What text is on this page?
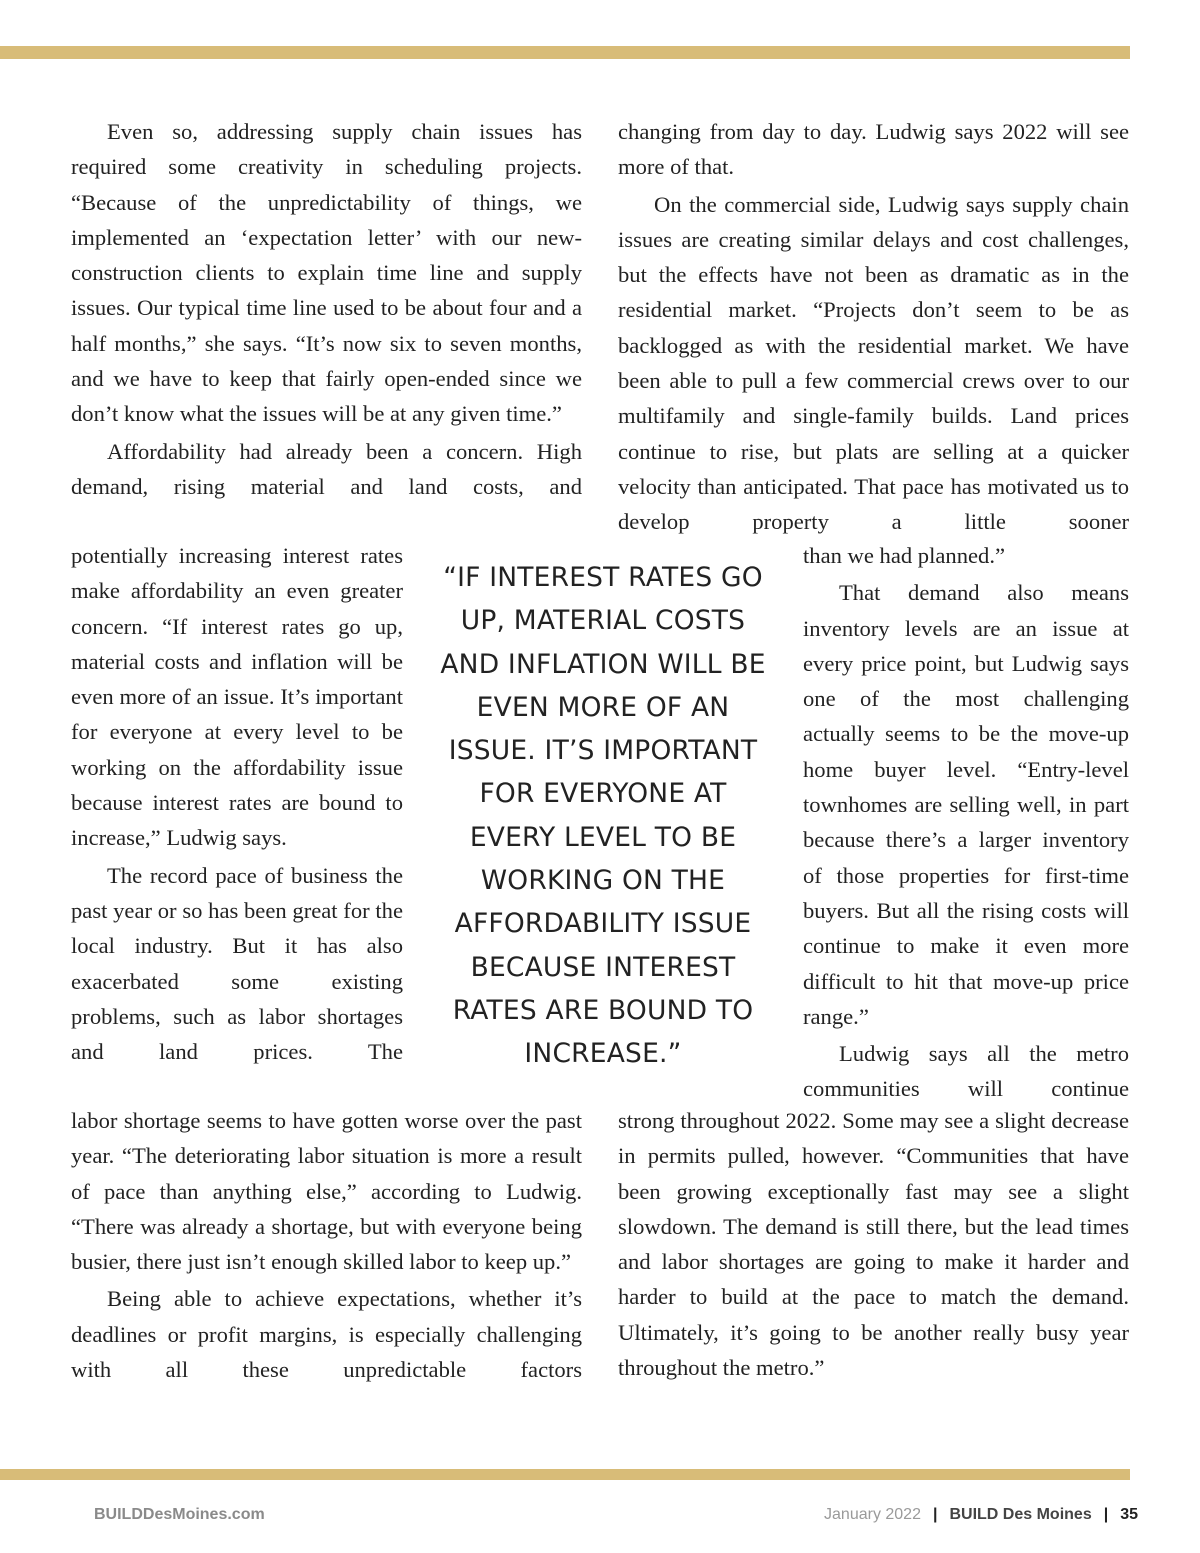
Even so, addressing supply chain issues has required some creativity in scheduling projects. “Because of the unpredictability of things, we implemented an ‘expectation letter’ with our new-construction clients to explain time line and supply issues. Our typical time line used to be about four and a half months,” she says. “It’s now six to seven months, and we have to keep that fairly open-ended since we don’t know what the issues will be at any given time.”

Affordability had already been a concern. High demand, rising material and land costs, and

potentially increasing interest rates make affordability an even greater concern. “If interest rates go up, material costs and inflation will be even more of an issue. It’s important for everyone at every level to be working on the affordability issue because interest rates are bound to increase,” Ludwig says.

The record pace of business the past year or so has been great for the local industry. But it has also exacerbated some existing problems, such as labor shortages and land prices. The

labor shortage seems to have gotten worse over the past year. “The deteriorating labor situation is more a result of pace than anything else,” according to Ludwig. “There was already a shortage, but with everyone being busier, there just isn’t enough skilled labor to keep up.”

Being able to achieve expectations, whether it’s deadlines or profit margins, is especially challenging with all these unpredictable factors

“IF INTEREST RATES GO UP, MATERIAL COSTS AND INFLATION WILL BE EVEN MORE OF AN ISSUE. IT’S IMPORTANT FOR EVERYONE AT EVERY LEVEL TO BE WORKING ON THE AFFORDABILITY ISSUE BECAUSE INTEREST RATES ARE BOUND TO INCREASE.”

changing from day to day. Ludwig says 2022 will see more of that.

On the commercial side, Ludwig says supply chain issues are creating similar delays and cost challenges, but the effects have not been as dramatic as in the residential market. “Projects don’t seem to be as backlogged as with the residential market. We have been able to pull a few commercial crews over to our multifamily and single-family builds. Land prices continue to rise, but plats are selling at a quicker velocity than anticipated. That pace has motivated us to develop property a little sooner

than we had planned.”

That demand also means inventory levels are an issue at every price point, but Ludwig says one of the most challenging actually seems to be the move-up home buyer level. “Entry-level townhomes are selling well, in part because there’s a larger inventory of those properties for first-time buyers. But all the rising costs will continue to make it even more difficult to hit that move-up price range.”

Ludwig says all the metro communities will continue

strong throughout 2022. Some may see a slight decrease in permits pulled, however. “Communities that have been growing exceptionally fast may see a slight slowdown. The demand is still there, but the lead times and labor shortages are going to make it harder and harder to build at the pace to match the demand. Ultimately, it’s going to be another really busy year throughout the metro.”

BUILDDesMoines.com	January 2022 | BUILD Des Moines | 35
